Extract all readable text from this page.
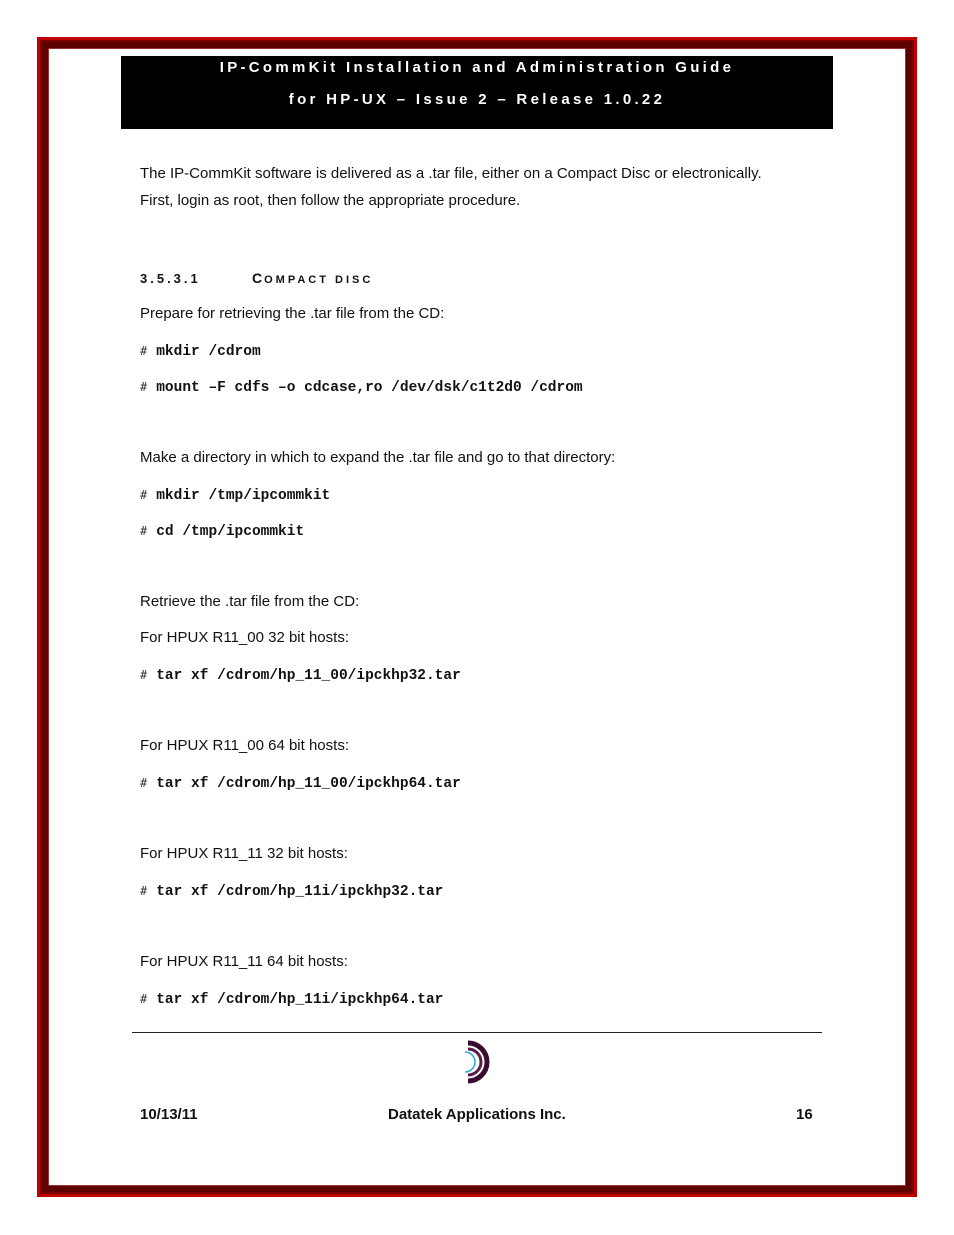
IP-CommKit Installation and Administration Guide
for HP-UX – Issue 2 – Release 1.0.22
The IP-CommKit software is delivered as a .tar file, either on a Compact Disc or electronically.
First, login as root, then follow the appropriate procedure.
3.5.3.1	COMPACT DISC
Prepare for retrieving the .tar file from the CD:
# mkdir /cdrom
# mount –F cdfs –o cdcase,ro /dev/dsk/c1t2d0 /cdrom
Make a directory in which to expand the .tar file and go to that directory:
# mkdir /tmp/ipcommkit
# cd /tmp/ipcommkit
Retrieve the .tar file from the CD:
For HPUX R11_00 32 bit hosts:
# tar xf /cdrom/hp_11_00/ipckhp32.tar
For HPUX R11_00 64 bit hosts:
# tar xf /cdrom/hp_11_00/ipckhp64.tar
For HPUX R11_11 32 bit hosts:
# tar xf /cdrom/hp_11i/ipckhp32.tar
For HPUX R11_11 64 bit hosts:
# tar xf /cdrom/hp_11i/ipckhp64.tar
10/13/11	Datatek Applications Inc.	16
